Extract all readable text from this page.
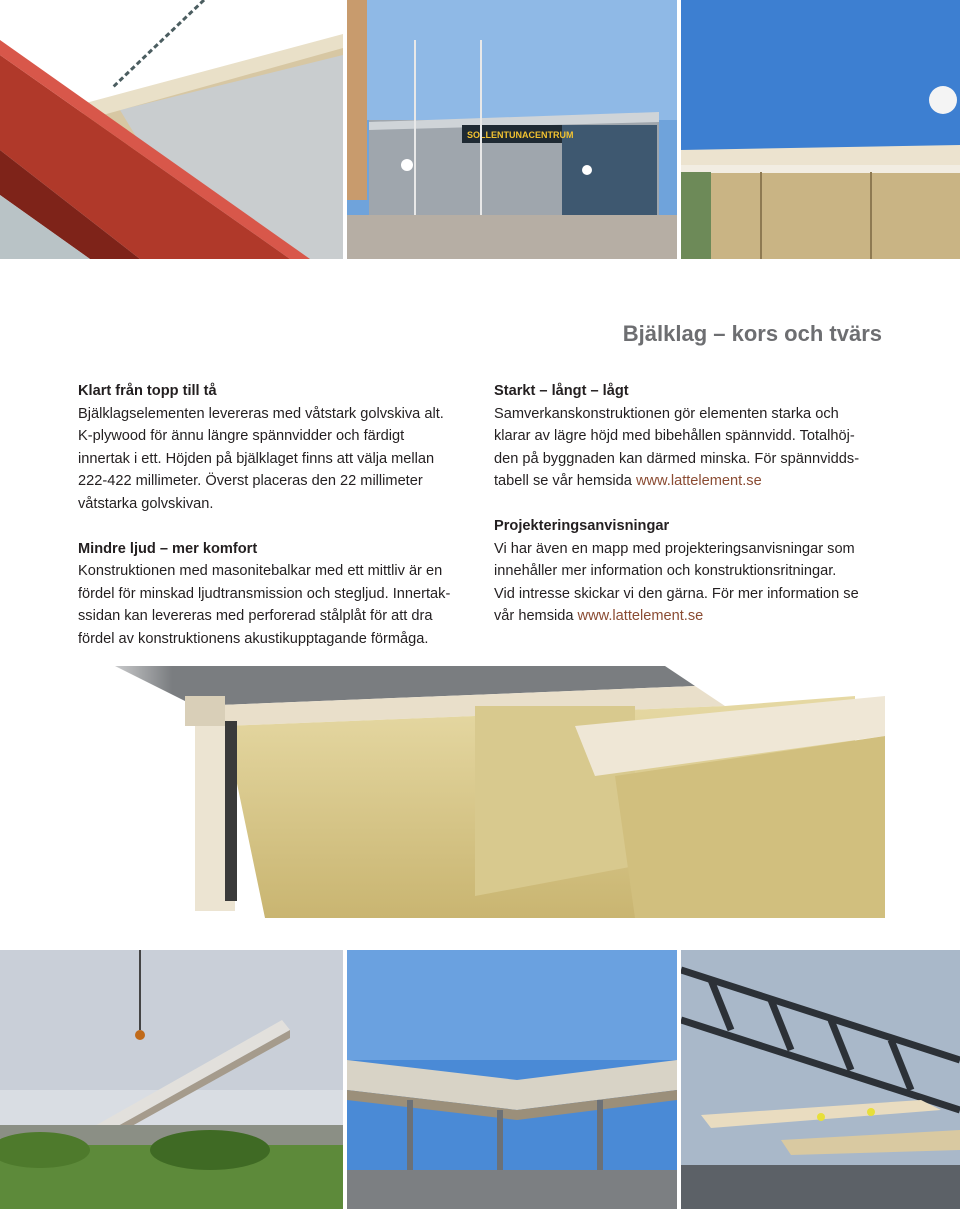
SOLLENTUNACENTRUM
Bjälklag – kors och tvärs

Klart från topp till tå

Bjälklagselementen levereras med våtstark golvskiva alt.
K-plywood för ännu längre spännvidder och färdigt
innertak i ett. Höjden på bjälklaget finns att välja mellan
222-422 millimeter. Överst placeras den 22 millimeter
våtstarka golvskivan.

Mindre ljud – mer komfort

Konstruktionen med masonitebalkar med ett mittliv är en
fördel för minskad ljudtransmission och stegljud. Innertak-
ssidan kan levereras med perforerad stålplåt för att dra
fördel av konstruktionens akustikupptagande förmåga.

Starkt – långt – lågt

Samverkanskonstruktionen gör elementen starka och
klarar av lägre höjd med bibehållen spännvidd. Totalhöj-
den på byggnaden kan därmed minska. För spännvidds-
tabell se vår hemsida www.lattelement.se

Projekteringsanvisningar

Vi har även en mapp med projekteringsanvisningar som
innehåller mer information och konstruktionsritningar.
Vid intresse skickar vi den gärna. För mer information se
vår hemsida www.lattelement.se
